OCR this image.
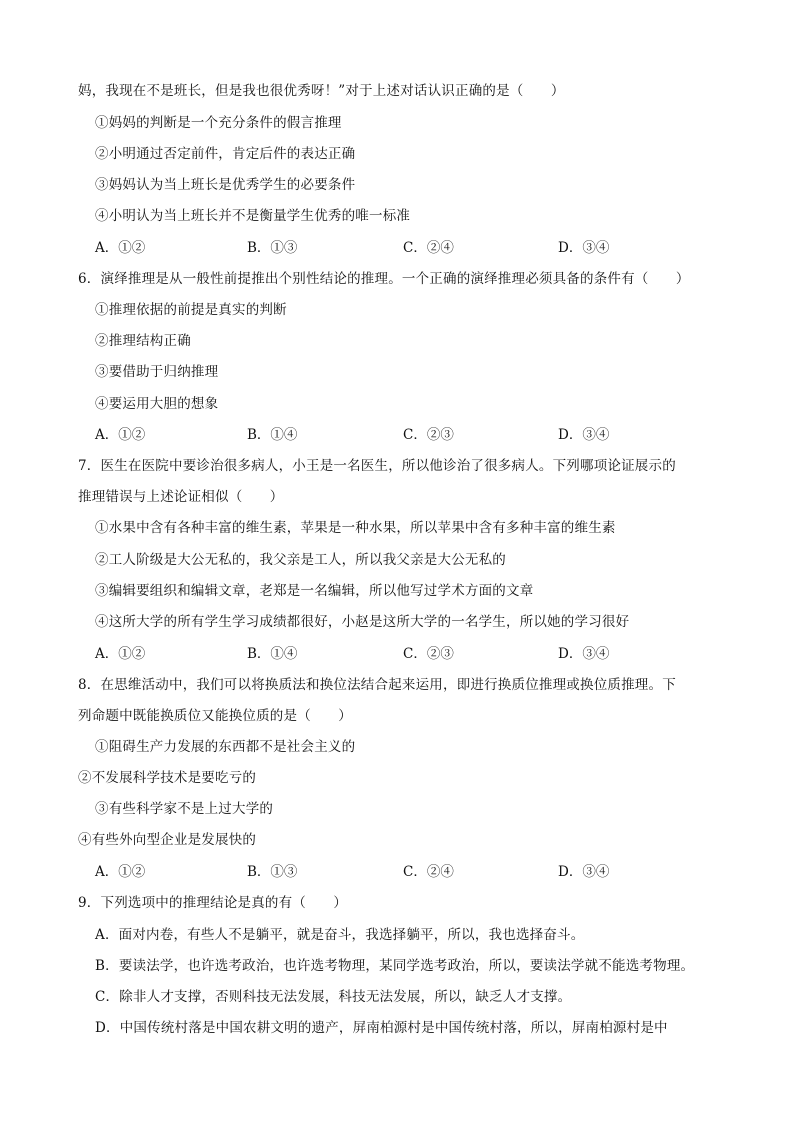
妈，我现在不是班长，但是我也很优秀呀！”对于上述对话认识正确的是（　　）
①妈妈的判断是一个充分条件的假言推理
②小明通过否定前件，肯定后件的表达正确
③妈妈认为当上班长是优秀学生的必要条件
④小明认为当上班长并不是衡量学生优秀的唯一标准
A．①②	B．①③	C．②④	D．③④
6．演绎推理是从一般性前提推出个别性结论的推理。一个正确的演绎推理必须具备的条件有（　　）
①推理依据的前提是真实的判断
②推理结构正确
③要借助于归纳推理
④要运用大胆的想象
A．①②	B．①④	C．②③	D．③④
7．医生在医院中要诊治很多病人，小王是一名医生，所以他诊治了很多病人。下列哪项论证展示的
推理错误与上述论证相似（　　）
①水果中含有各种丰富的维生素，苹果是一种水果，所以苹果中含有多种丰富的维生素
②工人阶级是大公无私的，我父亲是工人，所以我父亲是大公无私的
③编辑要组织和编辑文章，老郑是一名编辑，所以他写过学术方面的文章
④这所大学的所有学生学习成绩都很好，小赵是这所大学的一名学生，所以她的学习很好
A．①②	B．①④	C．②③	D．③④
8．在思维活动中，我们可以将换质法和换位法结合起来运用，即进行换质位推理或换位质推理。下
列命题中既能换质位又能换位质的是（　　）
①阻碍生产力发展的东西都不是社会主义的
②不发展科学技术是要吃亏的
③有些科学家不是上过大学的
④有些外向型企业是发展快的
A．①②	B．①③	C．②④	D．③④
9．下列选项中的推理结论是真的有（　　）
A．面对内卷，有些人不是躺平，就是奋斗，我选择躺平，所以，我也选择奋斗。
B．要读法学，也许选考政治，也许选考物理，某同学选考政治，所以，要读法学就不能选考物理。
C．除非人才支撑，否则科技无法发展，科技无法发展，所以，缺乏人才支撑。
D．中国传统村落是中国农耕文明的遗产，屏南柏源村是中国传统村落，所以，屏南柏源村是中
